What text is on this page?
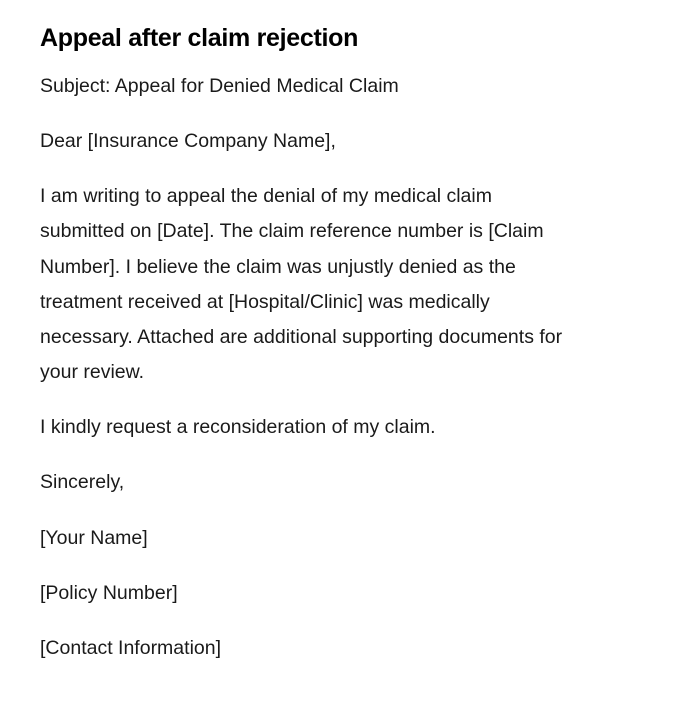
Appeal after claim rejection

Subject: Appeal for Denied Medical Claim

Dear [Insurance Company Name],

I am writing to appeal the denial of my medical claim
submitted on [Date]. The claim reference number is [Claim
Number]. I believe the claim was unjustly denied as the
treatment received at [Hospital/Clinic] was medically
necessary. Attached are additional supporting documents for
your review.

I kindly request a reconsideration of my claim.

Sincerely,

[Your Name]

[Policy Number]

[Contact Information]
